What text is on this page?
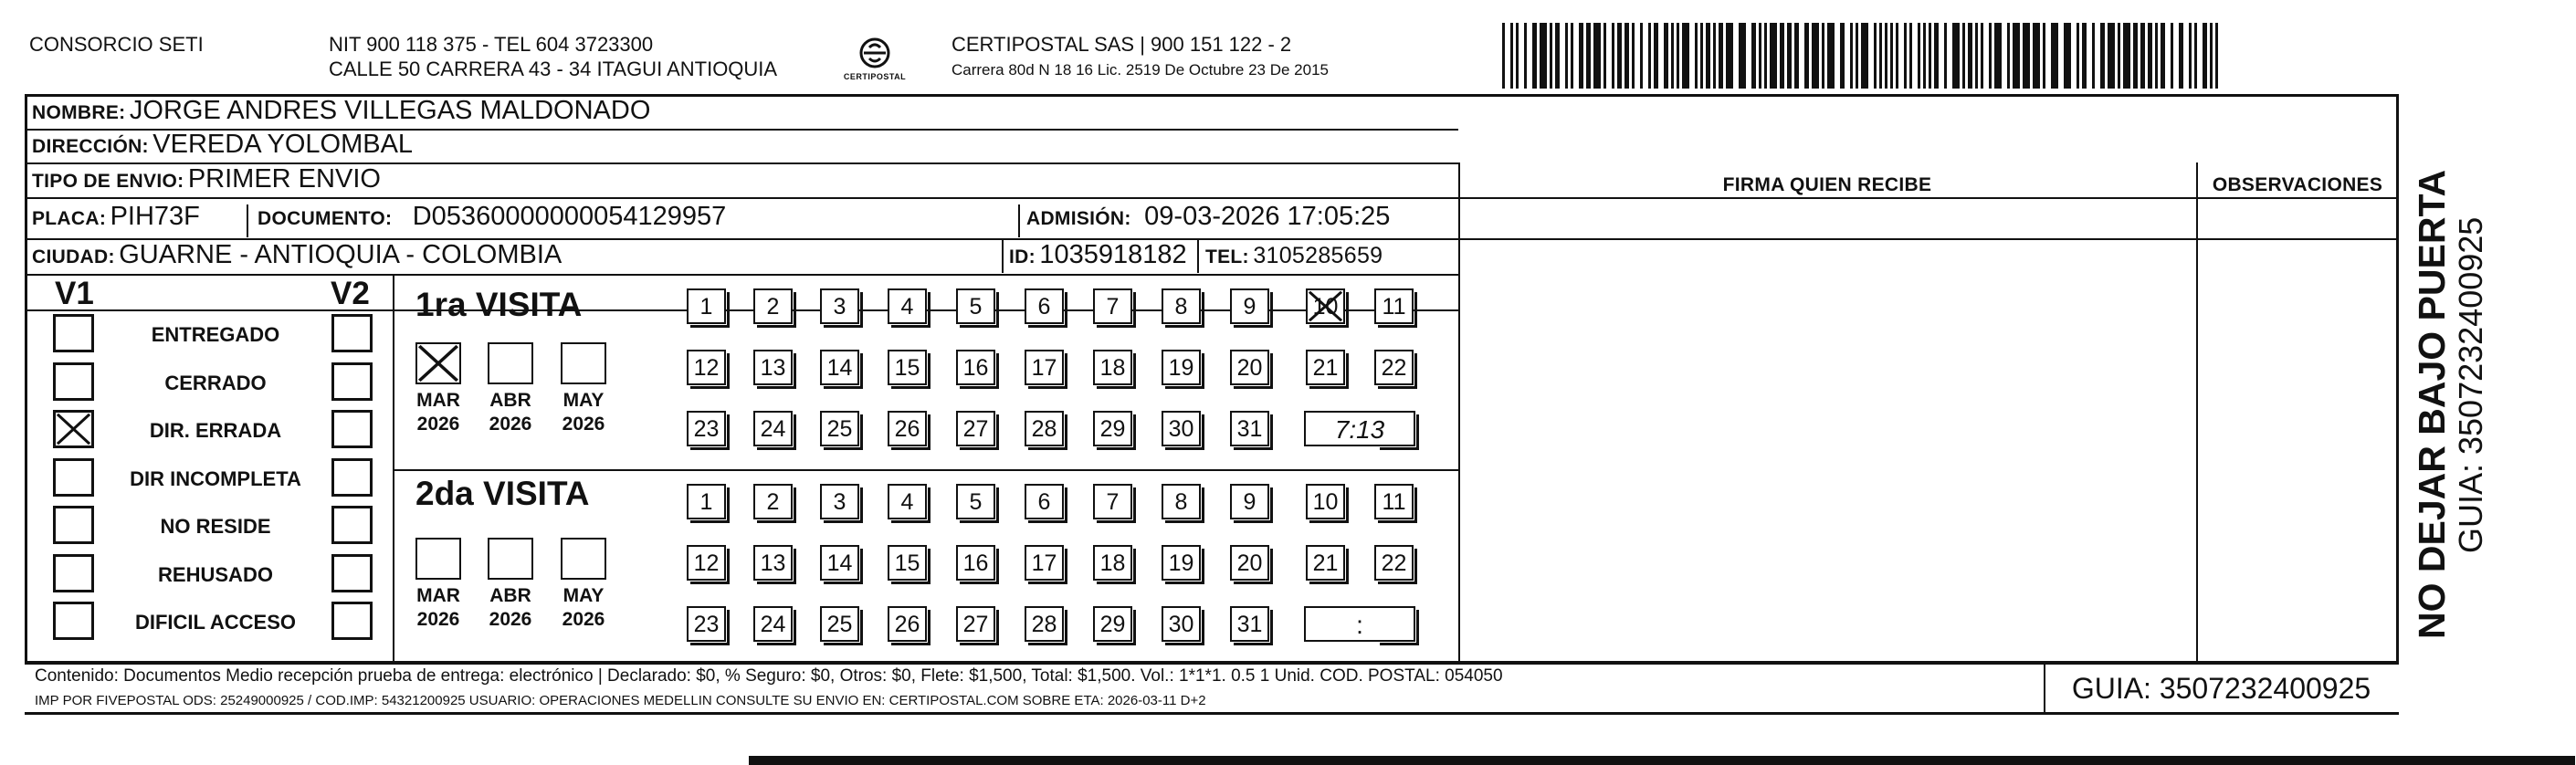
CONSORCIO SETI	NIT 900 118 375 - TEL 604 3723300
CALLE 50 CARRERA 43 - 34 ITAGUI ANTIOQUIA	CERTIPOSTAL
CERTIPOSTAL SAS | 900 151 122 - 2
Carrera 80d N 18 16 Lic. 2519 De Octubre 23 De 2015
NOMBRE: JORGE ANDRES VILLEGAS MALDONADO
DIRECCIÓN: VEREDA YOLOMBAL
TIPO DE ENVIO: PRIMER ENVIO	FIRMA QUIEN RECIBE	OBSERVACIONES
PLACA: PIH73F	DOCUMENTO: D05360000000054129957	ADMISIÓN: 09-03-2026 17:05:25
CIUDAD: GUARNE - ANTIOQUIA - COLOMBIA	ID: 1035918182 TEL: 3105285659
V1	V2 1ra VISITA
2da VISITA
Contenido: Documentos Medio recepción prueba de entrega: electrónico | Declarado: $0, % Seguro: $0, Otros: $0, Flete: $1,500, Total: $1,500. Vol.: 1*1*1. 0.5 1 Unid. COD. POSTAL: 054050
IMP POR FIVEPOSTAL ODS: 25249000925 / COD.IMP: 54321200925 USUARIO: OPERACIONES MEDELLIN CONSULTE SU ENVIO EN: CERTIPOSTAL.COM SOBRE ETA: 2026-03-11 D+2	GUIA: 3507232400925
NO DEJAR BAJO PUERTA GUIA: 3507232400925
ENTREGADO
CERRADO
DIR. ERRADA
DIR INCOMPLETA
NO RESIDE
REHUSADO
DIFICIL ACCESO
MAR
2026
ABR
2026
MAY
2026
1	2	3	4	5	6	7	8	9	10	11
12	13	14	15	16	17	18	19	20	21	22
23	24	25	26	27	28	29	30	31	7:13
MAR
2026
ABR
2026
MAY
2026
1	2	3	4	5	6	7	8	9	10	11
12	13	14	15	16	17	18	19	20	21	22
23	24	25	26	27	28	29	30	31	:
